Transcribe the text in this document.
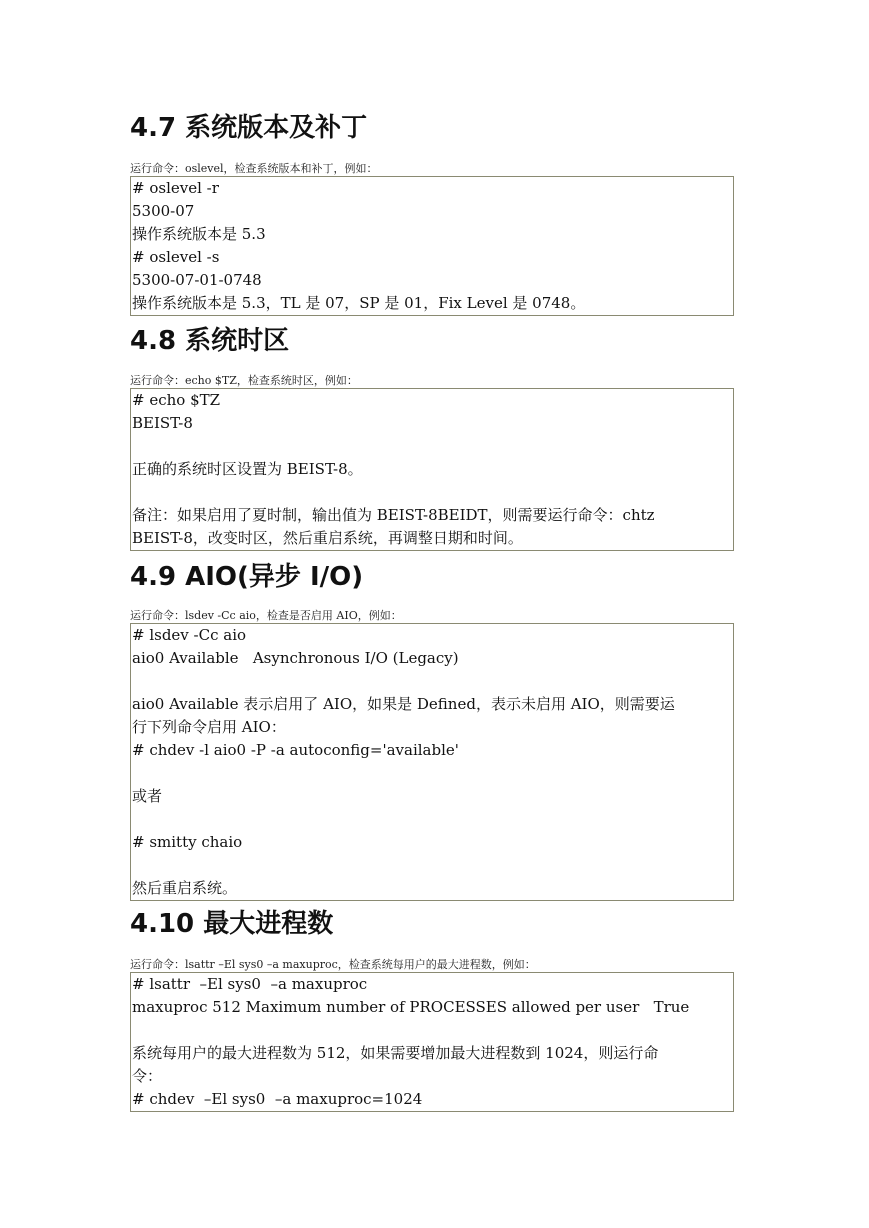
4.7 系统版本及补丁

运行命令：oslevel，检查系统版本和补丁，例如：

# oslevel -r
5300-07
操作系统版本是 5.3
# oslevel -s
5300-07-01-0748
操作系统版本是 5.3，TL 是 07，SP 是 01，Fix Level 是 0748。
4.8 系统时区

运行命令：echo $TZ，检查系统时区，例如：

# echo $TZ
BEIST-8
正确的系统时区设置为 BEIST-8。
备注：如果启用了夏时制，输出值为 BEIST-8BEIDT，则需要运行命令：chtz
BEIST-8，改变时区，然后重启系统，再调整日期和时间。
4.9 AIO(异步 I/O)

运行命令：lsdev -Cc aio，检查是否启用 AIO，例如：

# lsdev -Cc aio
aio0 Available   Asynchronous I/O (Legacy)
aio0 Available 表示启用了 AIO，如果是 Defined，表示未启用 AIO，则需要运
行下列命令启用 AIO：
# chdev -l aio0 -P -a autoconfig='available'
或者
# smitty chaio
然后重启系统。
4.10 最大进程数

运行命令：lsattr –El sys0 –a maxuproc，检查系统每用户的最大进程数，例如：

# lsattr  –El sys0  –a maxuproc
maxuproc 512 Maximum number of PROCESSES allowed per user   True
系统每用户的最大进程数为 512，如果需要增加最大进程数到 1024，则运行命
令：
# chdev  –El sys0  –a maxuproc=1024
